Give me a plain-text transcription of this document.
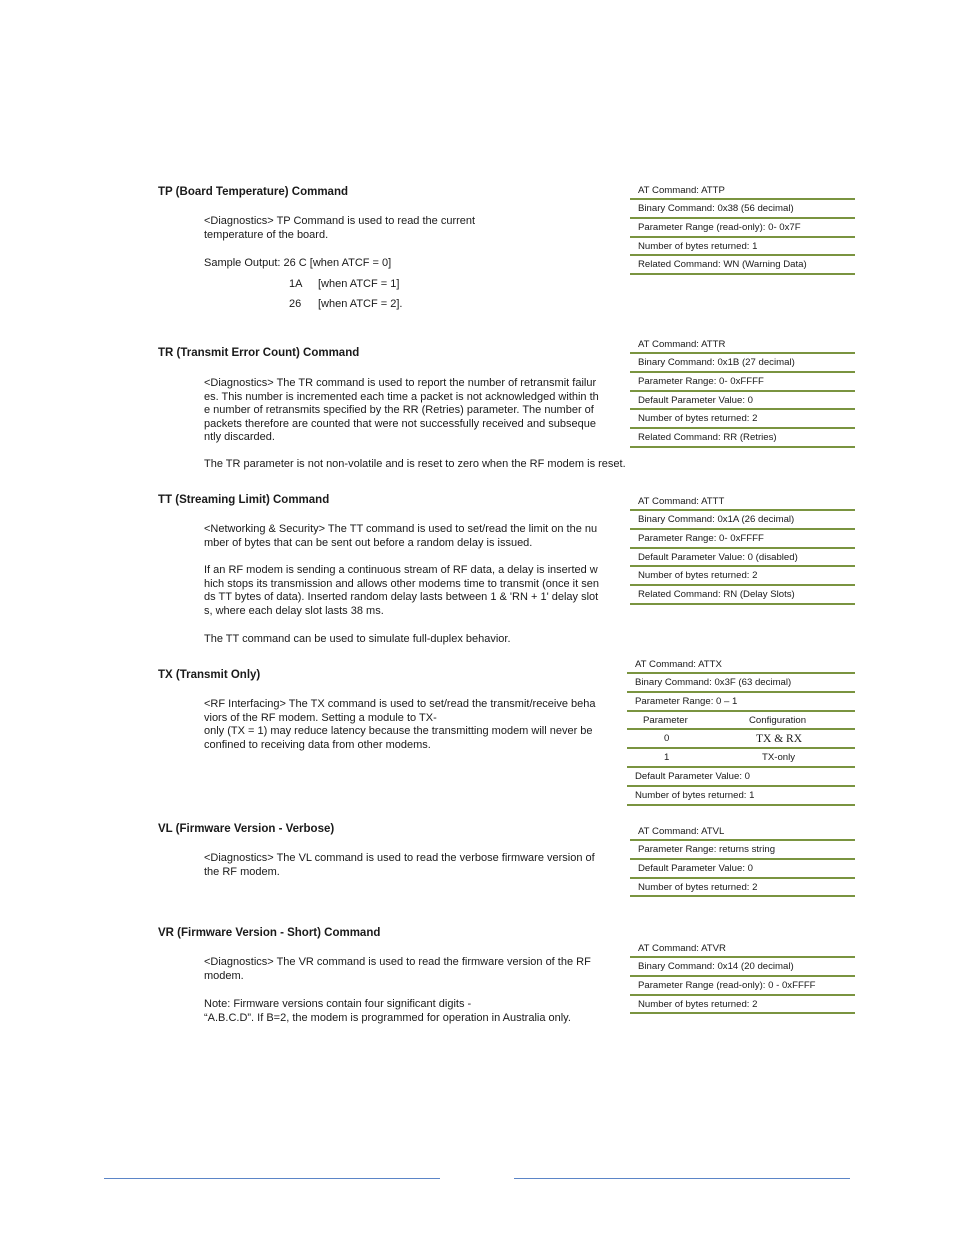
TP (Board Temperature) Command
<Diagnostics> TP Command is used to read the current
temperature of the board.
Sample Output: 26 C [when ATCF = 0]
1A [when ATCF = 1]
26 [when ATCF = 2].
AT Command: ATTP
Binary Command: 0x38 (56 decimal)
Parameter Range (read-only): 0- 0x7F
Number of bytes returned: 1
Related Command: WN (Warning Data)
TR (Transmit Error Count) Command
<Diagnostics> The TR command is used to report the number of retransmit failur
es. This number is incremented each time a packet is not acknowledged within th
e number of retransmits specified by the RR (Retries) parameter. The number of
packets therefore are counted that were not successfully received and subseque
ntly discarded.
The TR parameter is not non-volatile and is reset to zero when the RF modem is reset.
AT Command: ATTR
Binary Command: 0x1B (27 decimal)
Parameter Range: 0- 0xFFFF
Default Parameter Value: 0
Number of bytes returned: 2
Related Command: RR (Retries)
TT (Streaming Limit) Command
<Networking & Security> The TT command is used to set/read the limit on the nu
mber of bytes that can be sent out before a random delay is issued.
If an RF modem is sending a continuous stream of RF data, a delay is inserted w
hich stops its transmission and allows other modems time to transmit (once it sen
ds TT bytes of data). Inserted random delay lasts between 1 & 'RN + 1' delay slot
s, where each delay slot lasts 38 ms.
The TT command can be used to simulate full-duplex behavior.
AT Command: ATTT
Binary Command: 0x1A (26 decimal)
Parameter Range: 0- 0xFFFF
Default Parameter Value: 0 (disabled)
Number of bytes returned: 2
Related Command: RN (Delay Slots)
TX (Transmit Only)
<RF Interfacing> The TX command is used to set/read the transmit/receive beha
viors of the RF modem. Setting a module to TX-
only (TX = 1) may reduce latency because the transmitting modem will never be
confined to receiving data from other modems.
AT Command: ATTX
Binary Command: 0x3F (63 decimal)
Parameter Range: 0 – 1
Parameter	Configuration
0	TX & RX
1	TX-only
Default Parameter Value: 0
Number of bytes returned: 1
VL (Firmware Version - Verbose)
<Diagnostics> The VL command is used to read the verbose firmware version of
the RF modem.
AT Command: ATVL
Parameter Range: returns string
Default Parameter Value: 0
Number of bytes returned: 2
VR (Firmware Version - Short) Command
<Diagnostics> The VR command is used to read the firmware version of the RF
modem.
Note: Firmware versions contain four significant digits -
“A.B.C.D”. If B=2, the modem is programmed for operation in Australia only.
AT Command: ATVR
Binary Command: 0x14 (20 decimal)
Parameter Range (read-only): 0 - 0xFFFF
Number of bytes returned: 2
